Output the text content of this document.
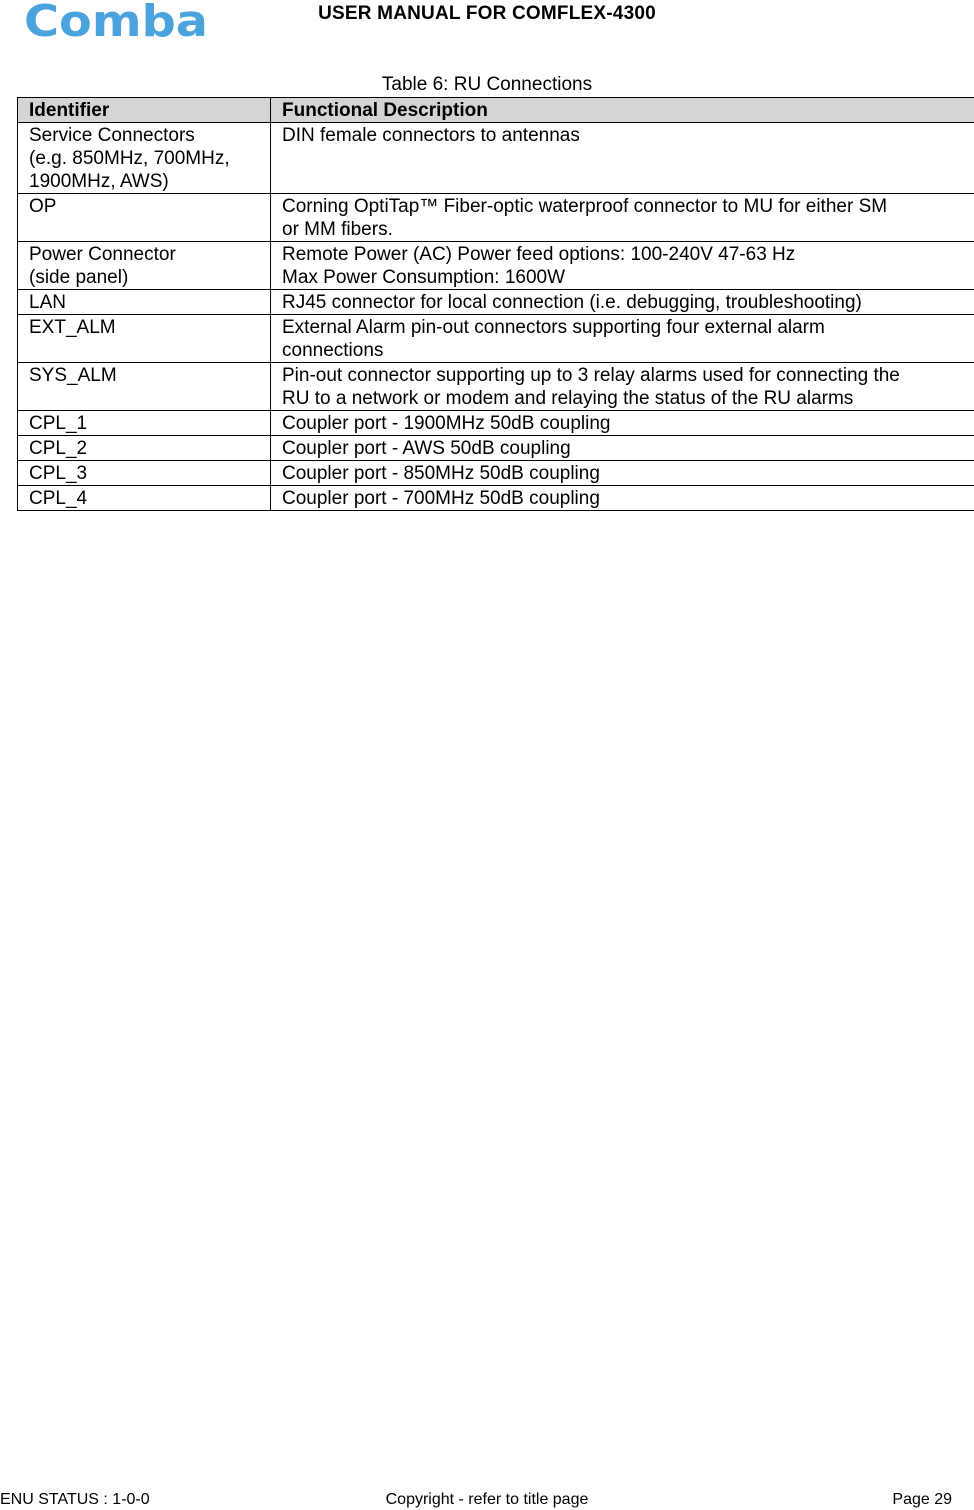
Comba	USER MANUAL FOR COMFLEX-4300
Table 6: RU Connections
Identifier	Functional Description
Service Connectors
(e.g. 850MHz, 700MHz,
1900MHz, AWS)	DIN female connectors to antennas
OP	Corning OptiTap™ Fiber-optic waterproof connector to MU for either SM
or MM fibers.
Power Connector
(side panel)	Remote Power (AC) Power feed options: 100-240V 47-63 Hz
Max Power Consumption: 1600W
LAN	RJ45 connector for local connection (i.e. debugging, troubleshooting)
EXT_ALM	External Alarm pin-out connectors supporting four external alarm
connections
SYS_ALM	Pin-out connector supporting up to 3 relay alarms used for connecting the
RU to a network or modem and relaying the status of the RU alarms
CPL_1	Coupler port - 1900MHz 50dB coupling
CPL_2	Coupler port - AWS 50dB coupling
CPL_3	Coupler port - 850MHz 50dB coupling
CPL_4	Coupler port - 700MHz 50dB coupling
ENU STATUS : 1-0-0	Copyright - refer to title page	Page 29
